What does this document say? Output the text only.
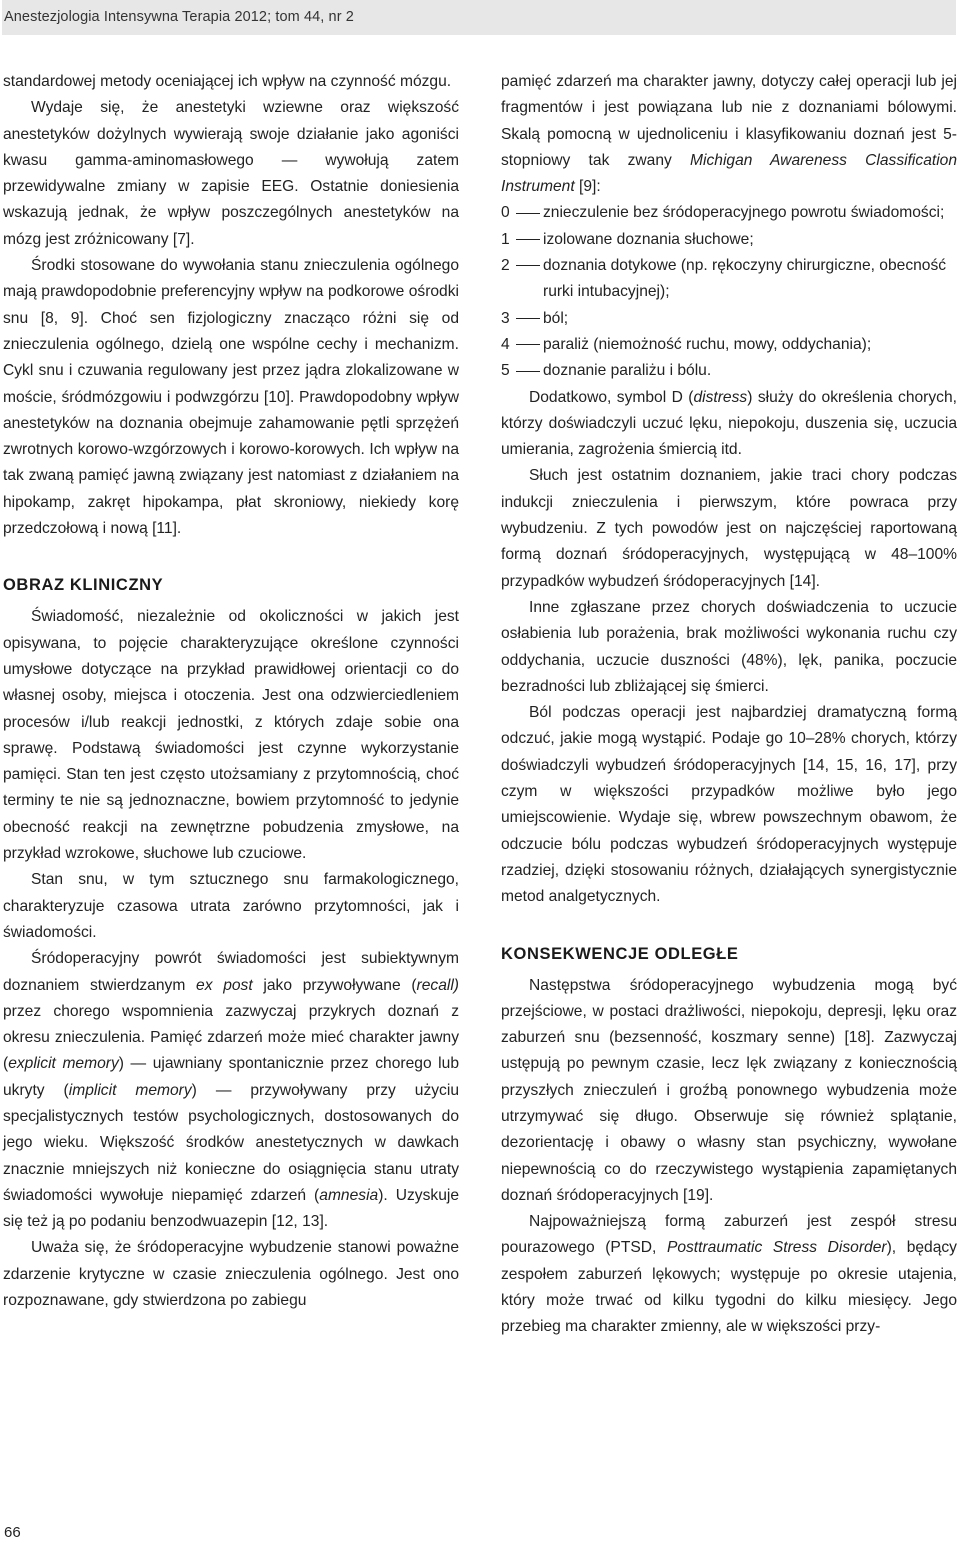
Anestezjologia Intensywna Terapia 2012; tom 44, nr 2

standardowej metody oceniającej ich wpływ na czynność mózgu.

Wydaje się, że anestetyki wziewne oraz większość anestetyków dożylnych wywierają swoje działanie jako agoniści kwasu gamma-aminomasłowego — wywołują zatem przewidywalne zmiany w zapisie EEG. Ostatnie doniesienia wskazują jednak, że wpływ poszczególnych anestetyków na mózg jest zróżnicowany [7].

Środki stosowane do wywołania stanu znieczulenia ogólnego mają prawdopodobnie preferencyjny wpływ na podkorowe ośrodki snu [8, 9]. Choć sen fizjologiczny znacząco różni się od znieczulenia ogólnego, dzielą one wspólne cechy i mechanizm. Cykl snu i czuwania regulowany jest przez jądra zlokalizowane w moście, śródmózgowiu i podwzgórzu [10]. Prawdopodobny wpływ anestetyków na doznania obejmuje zahamowanie pętli sprzężeń zwrotnych korowo-wzgórzowych i korowo-korowych. Ich wpływ na tak zwaną pamięć jawną związany jest natomiast z działaniem na hipokamp, zakręt hipokampa, płat skroniowy, niekiedy korę przedczołową i nową [11].

OBRAZ KLINICZNY

Świadomość, niezależnie od okoliczności w jakich jest opisywana, to pojęcie charakteryzujące określone czynności umysłowe dotyczące na przykład prawidłowej orientacji co do własnej osoby, miejsca i otoczenia. Jest ona odzwierciedleniem procesów i/lub reakcji jednostki, z których zdaje sobie ona sprawę. Podstawą świadomości jest czynne wykorzystanie pamięci. Stan ten jest często utożsamiany z przytomnością, choć terminy te nie są jednoznaczne, bowiem przytomność to jedynie obecność reakcji na zewnętrzne pobudzenia zmysłowe, na przykład wzrokowe, słuchowe lub czuciowe.

Stan snu, w tym sztucznego snu farmakologicznego, charakteryzuje czasowa utrata zarówno przytomności, jak i świadomości.

Śródoperacyjny powrót świadomości jest subiektywnym doznaniem stwierdzanym ex post jako przywoływane (recall) przez chorego wspomnienia zazwyczaj przykrych doznań z okresu znieczulenia. Pamięć zdarzeń może mieć charakter jawny (explicit memory) — ujawniany spontanicznie przez chorego lub ukryty (implicit memory) — przywoływany przy użyciu specjalistycznych testów psychologicznych, dostosowanych do jego wieku. Większość środków anestetycznych w dawkach znacznie mniejszych niż konieczne do osiągnięcia stanu utraty świadomości wywołuje niepamięć zdarzeń (amnesia). Uzyskuje się też ją po podaniu benzodwuazepin [12, 13].

Uważa się, że śródoperacyjne wybudzenie stanowi poważne zdarzenie krytyczne w czasie znieczulenia ogólnego. Jest ono rozpoznawane, gdy stwierdzona po zabiegu

pamięć zdarzeń ma charakter jawny, dotyczy całej operacji lub jej fragmentów i jest powiązana lub nie z doznaniami bólowymi. Skalą pomocną w ujednoliceniu i klasyfikowaniu doznań jest 5-stopniowy tak zwany Michigan Awareness Classification Instrument [9]:

0	znieczulenie bez śródoperacyjnego powrotu świadomości;
1	izolowane doznania słuchowe;
2	doznania dotykowe (np. rękoczyny chirurgiczne, obecność rurki intubacyjnej);
3	ból;
4	paraliż (niemożność ruchu, mowy, oddychania);
5	doznanie paraliżu i bólu.

Dodatkowo, symbol D (distress) służy do określenia chorych, którzy doświadczyli uczuć lęku, niepokoju, duszenia się, uczucia umierania, zagrożenia śmiercią itd.

Słuch jest ostatnim doznaniem, jakie traci chory podczas indukcji znieczulenia i pierwszym, które powraca przy wybudzeniu. Z tych powodów jest on najczęściej raportowaną formą doznań śródoperacyjnych, występującą w 48–100% przypadków wybudzeń śródoperacyjnych [14].

Inne zgłaszane przez chorych doświadczenia to uczucie osłabienia lub porażenia, brak możliwości wykonania ruchu czy oddychania, uczucie duszności (48%), lęk, panika, poczucie bezradności lub zbliżającej się śmierci.

Ból podczas operacji jest najbardziej dramatyczną formą odczuć, jakie mogą wystąpić. Podaje go 10–28% chorych, którzy doświadczyli wybudzeń śródoperacyjnych [14, 15, 16, 17], przy czym w większości przypadków możliwe było jego umiejscowienie. Wydaje się, wbrew powszechnym obawom, że odczucie bólu podczas wybudzeń śródoperacyjnych występuje rzadziej, dzięki stosowaniu różnych, działających synergistycznie metod analgetycznych.

KONSEKWENCJE ODLEGŁE

Następstwa śródoperacyjnego wybudzenia mogą być przejściowe, w postaci drażliwości, niepokoju, depresji, lęku oraz zaburzeń snu (bezsenność, koszmary senne) [18]. Zazwyczaj ustępują po pewnym czasie, lecz lęk związany z koniecznością przyszłych znieczuleń i groźbą ponownego wybudzenia może utrzymywać się długo. Obserwuje się również splątanie, dezorientację i obawy o własny stan psychiczny, wywołane niepewnością co do rzeczywistego wystąpienia zapamiętanych doznań śródoperacyjnych [19].

Najpoważniejszą formą zaburzeń jest zespół stresu pourazowego (PTSD, Posttraumatic Stress Disorder), będący zespołem zaburzeń lękowych; występuje po okresie utajenia, który może trwać od kilku tygodni do kilku miesięcy. Jego przebieg ma charakter zmienny, ale w większości przy-

66
